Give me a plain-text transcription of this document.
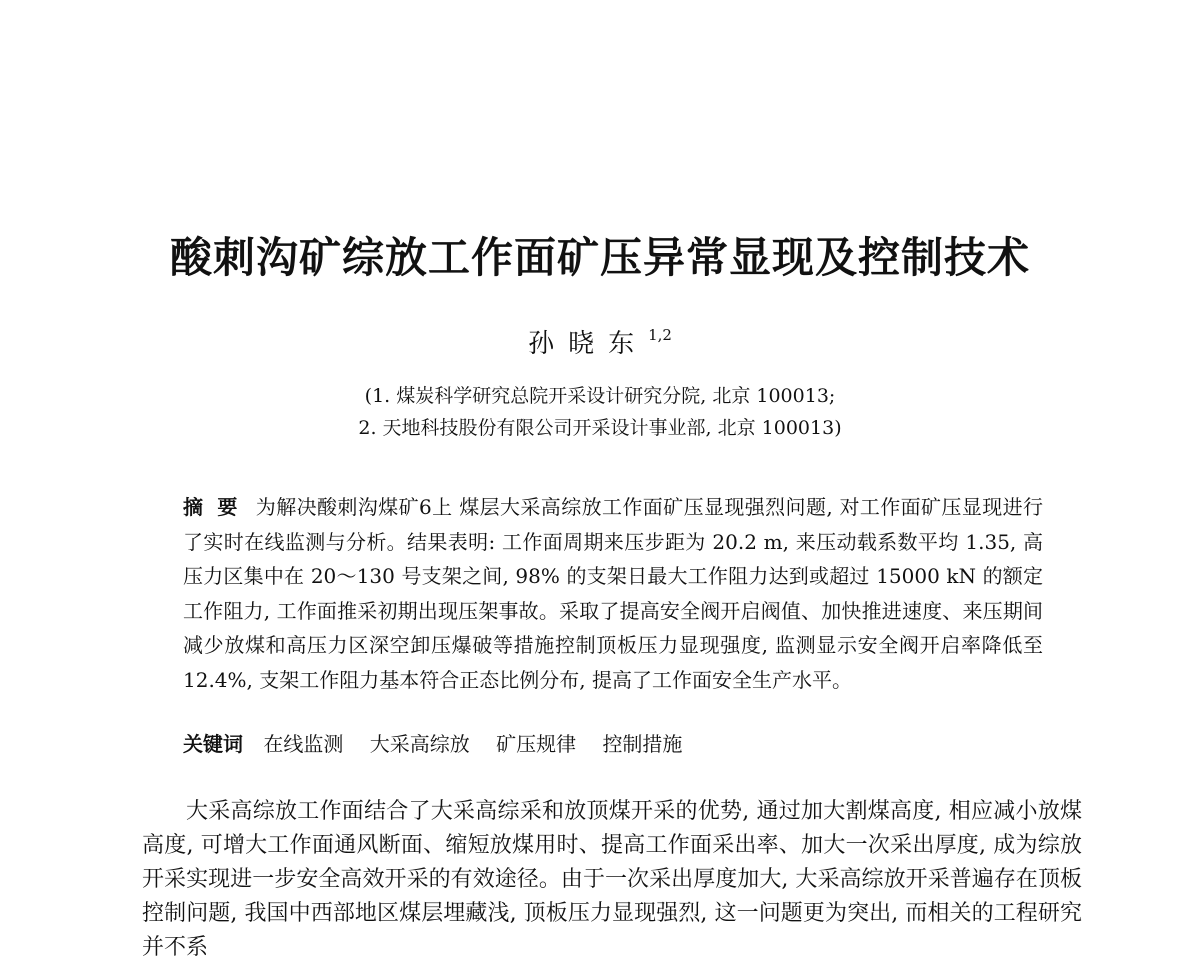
酸刺沟矿综放工作面矿压异常显现及控制技术
孙晓东$^{1,2}$
(1. 煤炭科学研究总院开采设计研究分院, 北京 100013;
2. 天地科技股份有限公司开采设计事业部, 北京 100013)
摘要 为解决酸刺沟煤矿6上 煤层大采高综放工作面矿压显现强烈问题, 对工作面矿压显现进行了实时在线监测与分析。结果表明: 工作面周期来压步距为 20.2 m, 来压动载系数平均 1.35, 高压力区集中在 20～130 号支架之间, 98% 的支架日最大工作阻力达到或超过 15000 kN 的额定工作阻力, 工作面推采初期出现压架事故。采取了提高安全阀开启阀值、加快推进速度、来压期间减少放煤和高压力区深空卸压爆破等措施控制顶板压力显现强度, 监测显示安全阀开启率降低至 12.4%, 支架工作阻力基本符合正态比例分布, 提高了工作面安全生产水平。
关键词 在线监测 大采高综放 矿压规律 控制措施
大采高综放工作面结合了大采高综采和放顶煤开采的优势, 通过加大割煤高度, 相应减小放煤高度, 可增大工作面通风断面、缩短放煤用时、提高工作面采出率、加大一次采出厚度, 成为综放开采实现进一步安全高效开采的有效途径。由于一次采出厚度加大, 大采高综放开采普遍存在顶板控制问题, 我国中西部地区煤层埋藏浅, 顶板压力显现强烈, 这一问题更为突出, 而相关的工程研究并不系
